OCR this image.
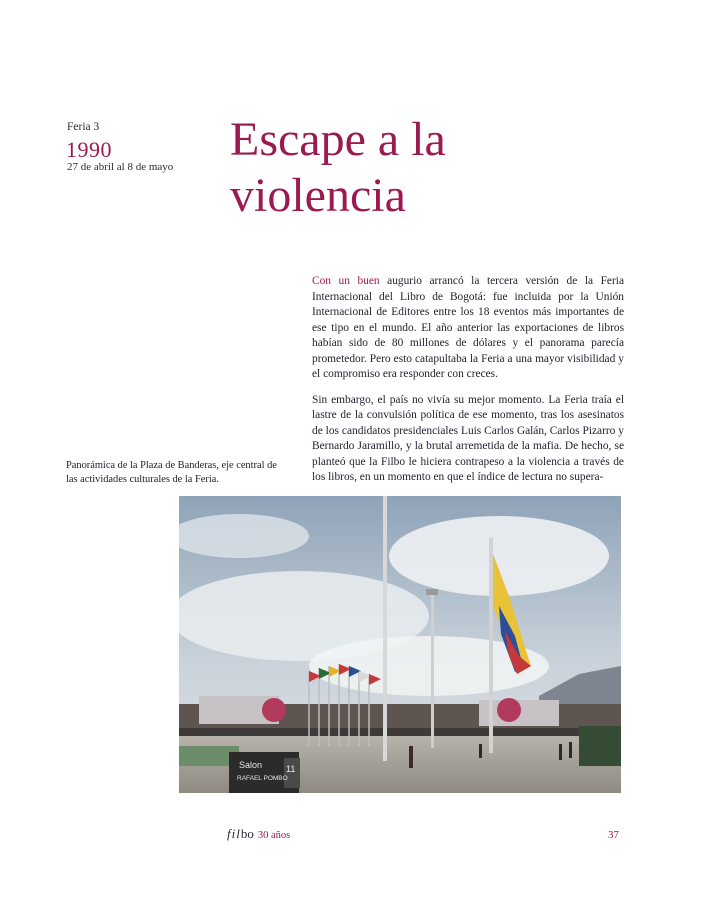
Feria 3
1990
27 de abril al 8 de mayo
Escape a la
violencia

Con un buen augurio arrancó la tercera versión de la Feria Internacional del Libro de Bogotá: fue incluida por la Unión Internacional de Editores entre los 18 eventos más importantes de ese tipo en el mundo. El año anterior las exportaciones de libros habían sido de 80 millones de dólares y el panorama parecía prometedor. Pero esto catapultaba la Feria a una mayor visibilidad y el compromiso era responder con creces.

Sin embargo, el país no vivía su mejor momento. La Feria traía el lastre de la convulsión política de ese momento, tras los asesinatos de los candidatos presidenciales Luis Carlos Galán, Carlos Pizarro y Bernardo Jaramillo, y la brutal arremetida de la mafia. De hecho, se planteó que la Filbo le hiciera contrapeso a la violencia a través de los libros, en un momento en que el índice de lectura no supera-

Panorámica de la Plaza de Banderas, eje central de las actividades culturales de la Feria.
Salon
RAFAEL POMBO
11
filbo 30 años	37
